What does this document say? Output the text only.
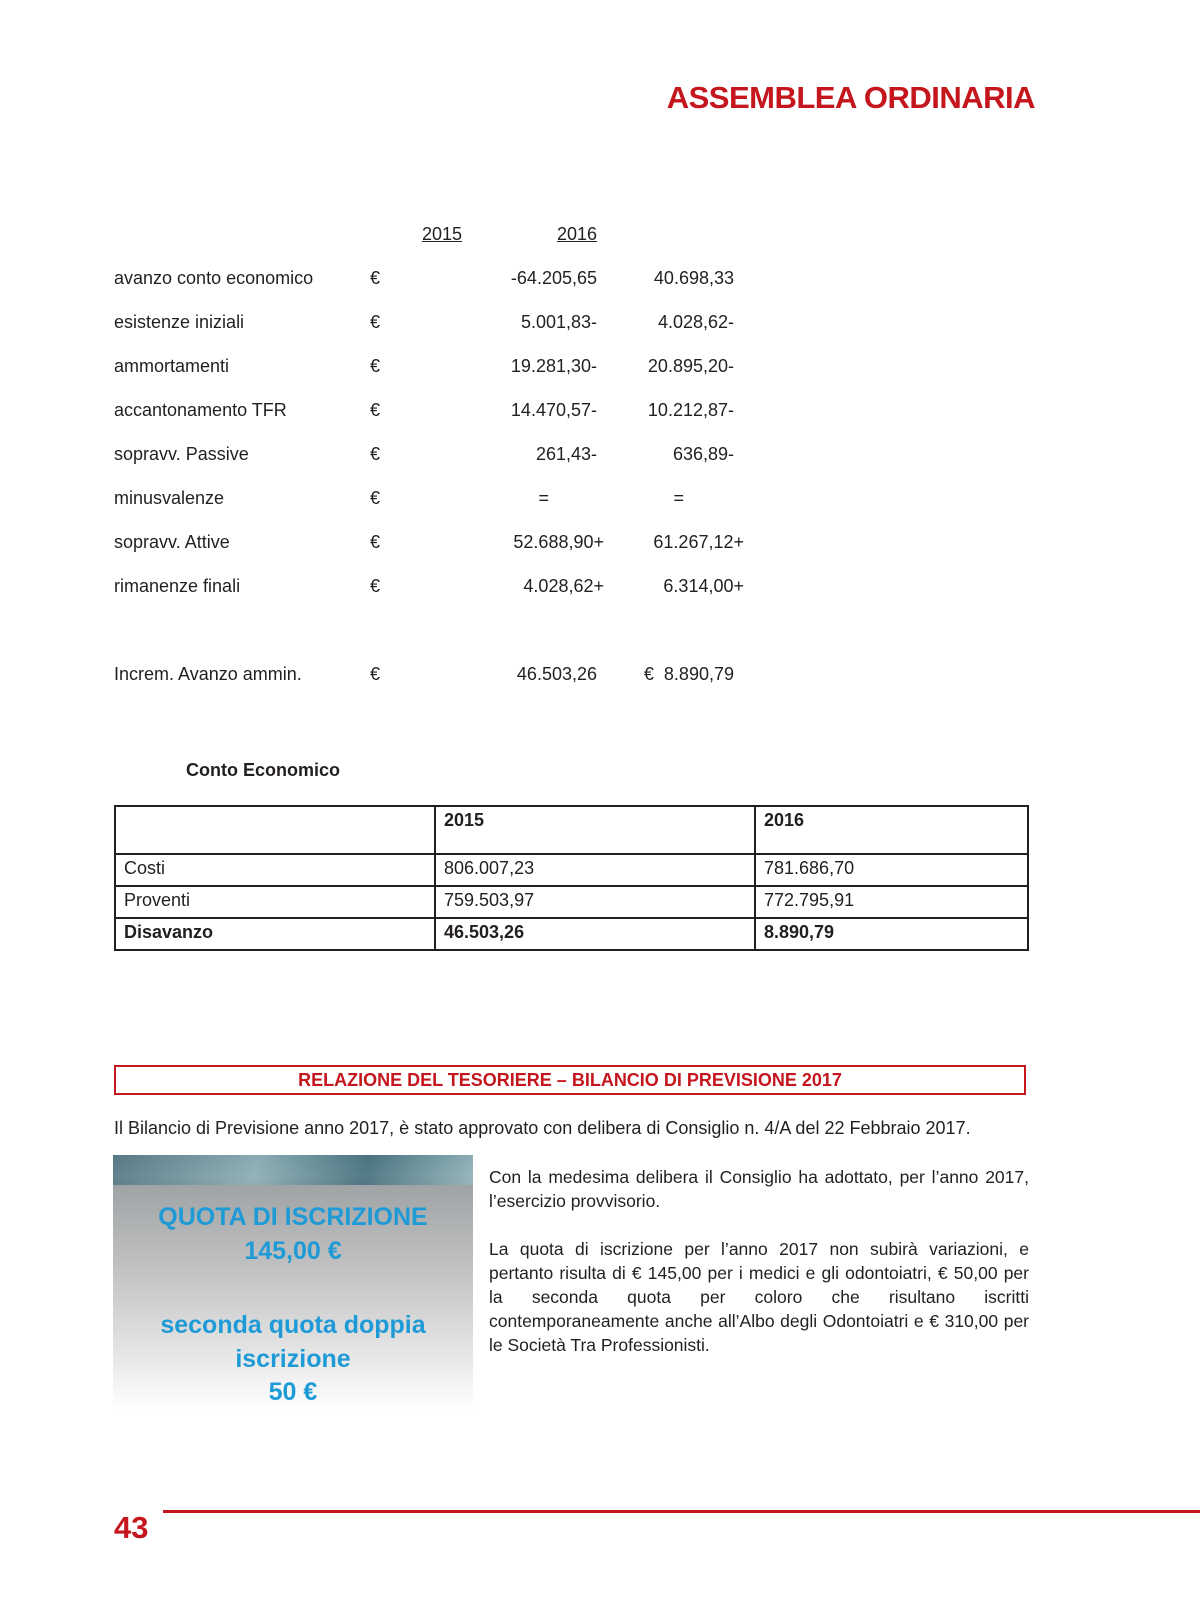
ASSEMBLEA ORDINARIA
2015	2016
avanzo conto economico	€	-64.205,65	40.698,33
esistenze iniziali	€	5.001,83-	4.028,62-
ammortamenti	€	19.281,30-	20.895,20-
accantonamento TFR	€	14.470,57-	10.212,87-
sopravv. Passive	€	261,43-	636,89-
minusvalenze	€	=	=
sopravv. Attive	€	52.688,90+	61.267,12+
rimanenze finali	€	4.028,62+	6.314,00+
Increm. Avanzo ammin.	€	46.503,26	€  8.890,79
Conto Economico
	2015	2016
Costi	806.007,23	781.686,70
Proventi	759.503,97	772.795,91
Disavanzo	46.503,26	8.890,79
RELAZIONE DEL TESORIERE – BILANCIO DI PREVISIONE 2017
Il Bilancio di Previsione anno 2017, è stato approvato con delibera di Consiglio n. 4/A del 22 Febbraio 2017.
QUOTA DI ISCRIZIONE
145,00 €
seconda quota doppia
iscrizione
50 €

Con la medesima delibera il Consiglio ha adottato, per l’anno 2017, l’esercizio provvisorio.

La quota di iscrizione per l’anno 2017 non subirà variazioni, e pertanto risulta di € 145,00 per i medici e gli odontoiatri, € 50,00 per la seconda quota per coloro che risultano iscritti contemporaneamente anche all’Albo degli Odontoiatri e € 310,00 per le Società Tra Professionisti.

43
